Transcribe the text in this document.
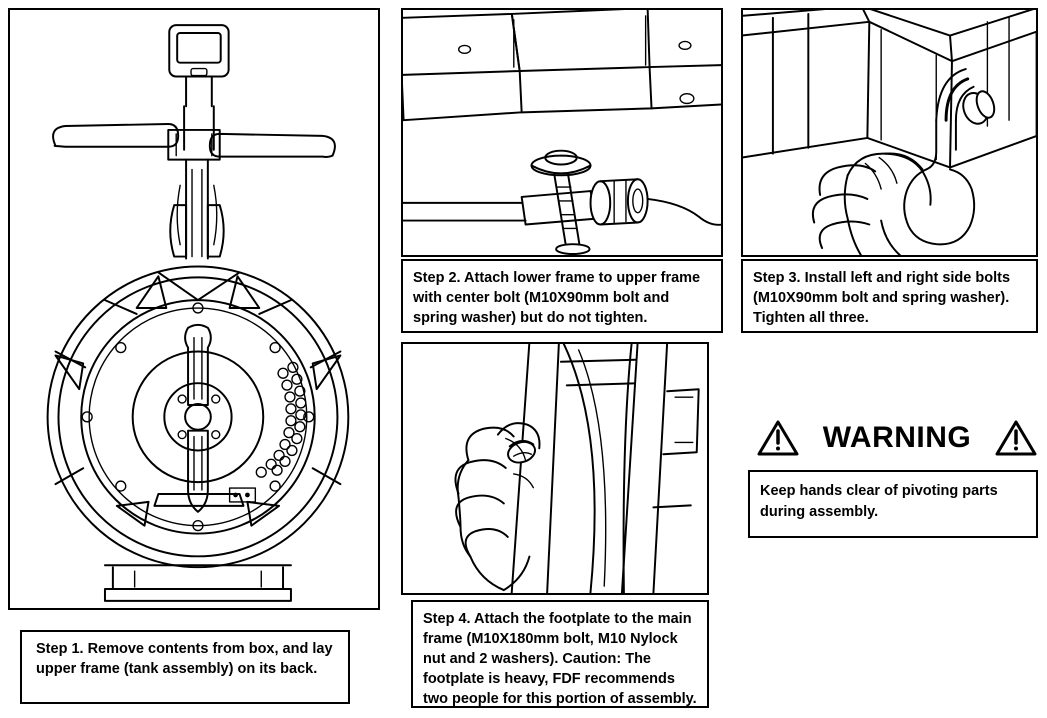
Step 1. Remove contents from box, and lay upper frame (tank assembly) on its back.
Step 2. Attach lower frame to upper frame with center bolt (M10X90mm bolt and spring washer) but do not tighten.
Step 3. Install left and right side bolts (M10X90mm bolt and spring washer). Tighten all three.
Step 4. Attach the footplate to the main frame (M10X180mm bolt, M10 Nylock nut and 2 washers). Caution: The footplate is heavy, FDF recommends two people for this portion of assembly.
WARNING
Keep hands clear of pivoting parts during assembly.
